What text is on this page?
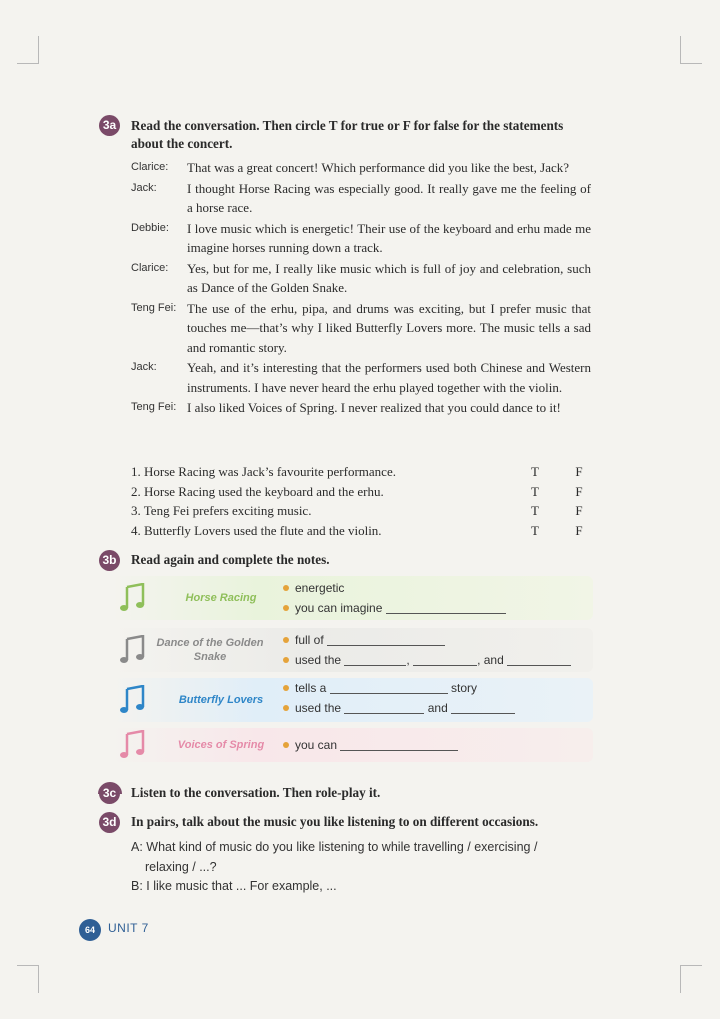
3a Read the conversation. Then circle T for true or F for false for the statements about the concert.
Clarice:	That was a great concert! Which performance did you like the best, Jack?
Jack:	I thought Horse Racing was especially good. It really gave me the feeling of a horse race.
Debbie:	I love music which is energetic! Their use of the keyboard and erhu made me imagine horses running down a track.
Clarice:	Yes, but for me, I really like music which is full of joy and celebration, such as Dance of the Golden Snake.
Teng Fei: The use of the erhu, pipa, and drums was exciting, but I prefer music that touches me—that’s why I liked Butterfly Lovers more. The music tells a sad and romantic story.
Jack:	Yeah, and it’s interesting that the performers used both Chinese and Western instruments. I have never heard the erhu played together with the violin.
Teng Fei: I also liked Voices of Spring. I never realized that you could dance to it!
1. Horse Racing was Jack’s favourite performance.	T	F
2. Horse Racing used the keyboard and the erhu.	T	F
3. Teng Fei prefers exciting music.	T	F
4. Butterfly Lovers used the flute and the violin.	T	F
3b Read again and complete the notes.
Horse Racing
energetic
you can imagine
Dance of the Golden Snake
full of
used the	,	, and
Butterfly Lovers
tells a	story
used the	and
Voices of Spring	you can
3c Listen to the conversation. Then role-play it.
3d In pairs, talk about the music you like listening to on different occasions.
A: What kind of music do you like listening to while travelling / exercising /
relaxing / ...?
B: I like music that ... For example, ...
64	UNIT 7
